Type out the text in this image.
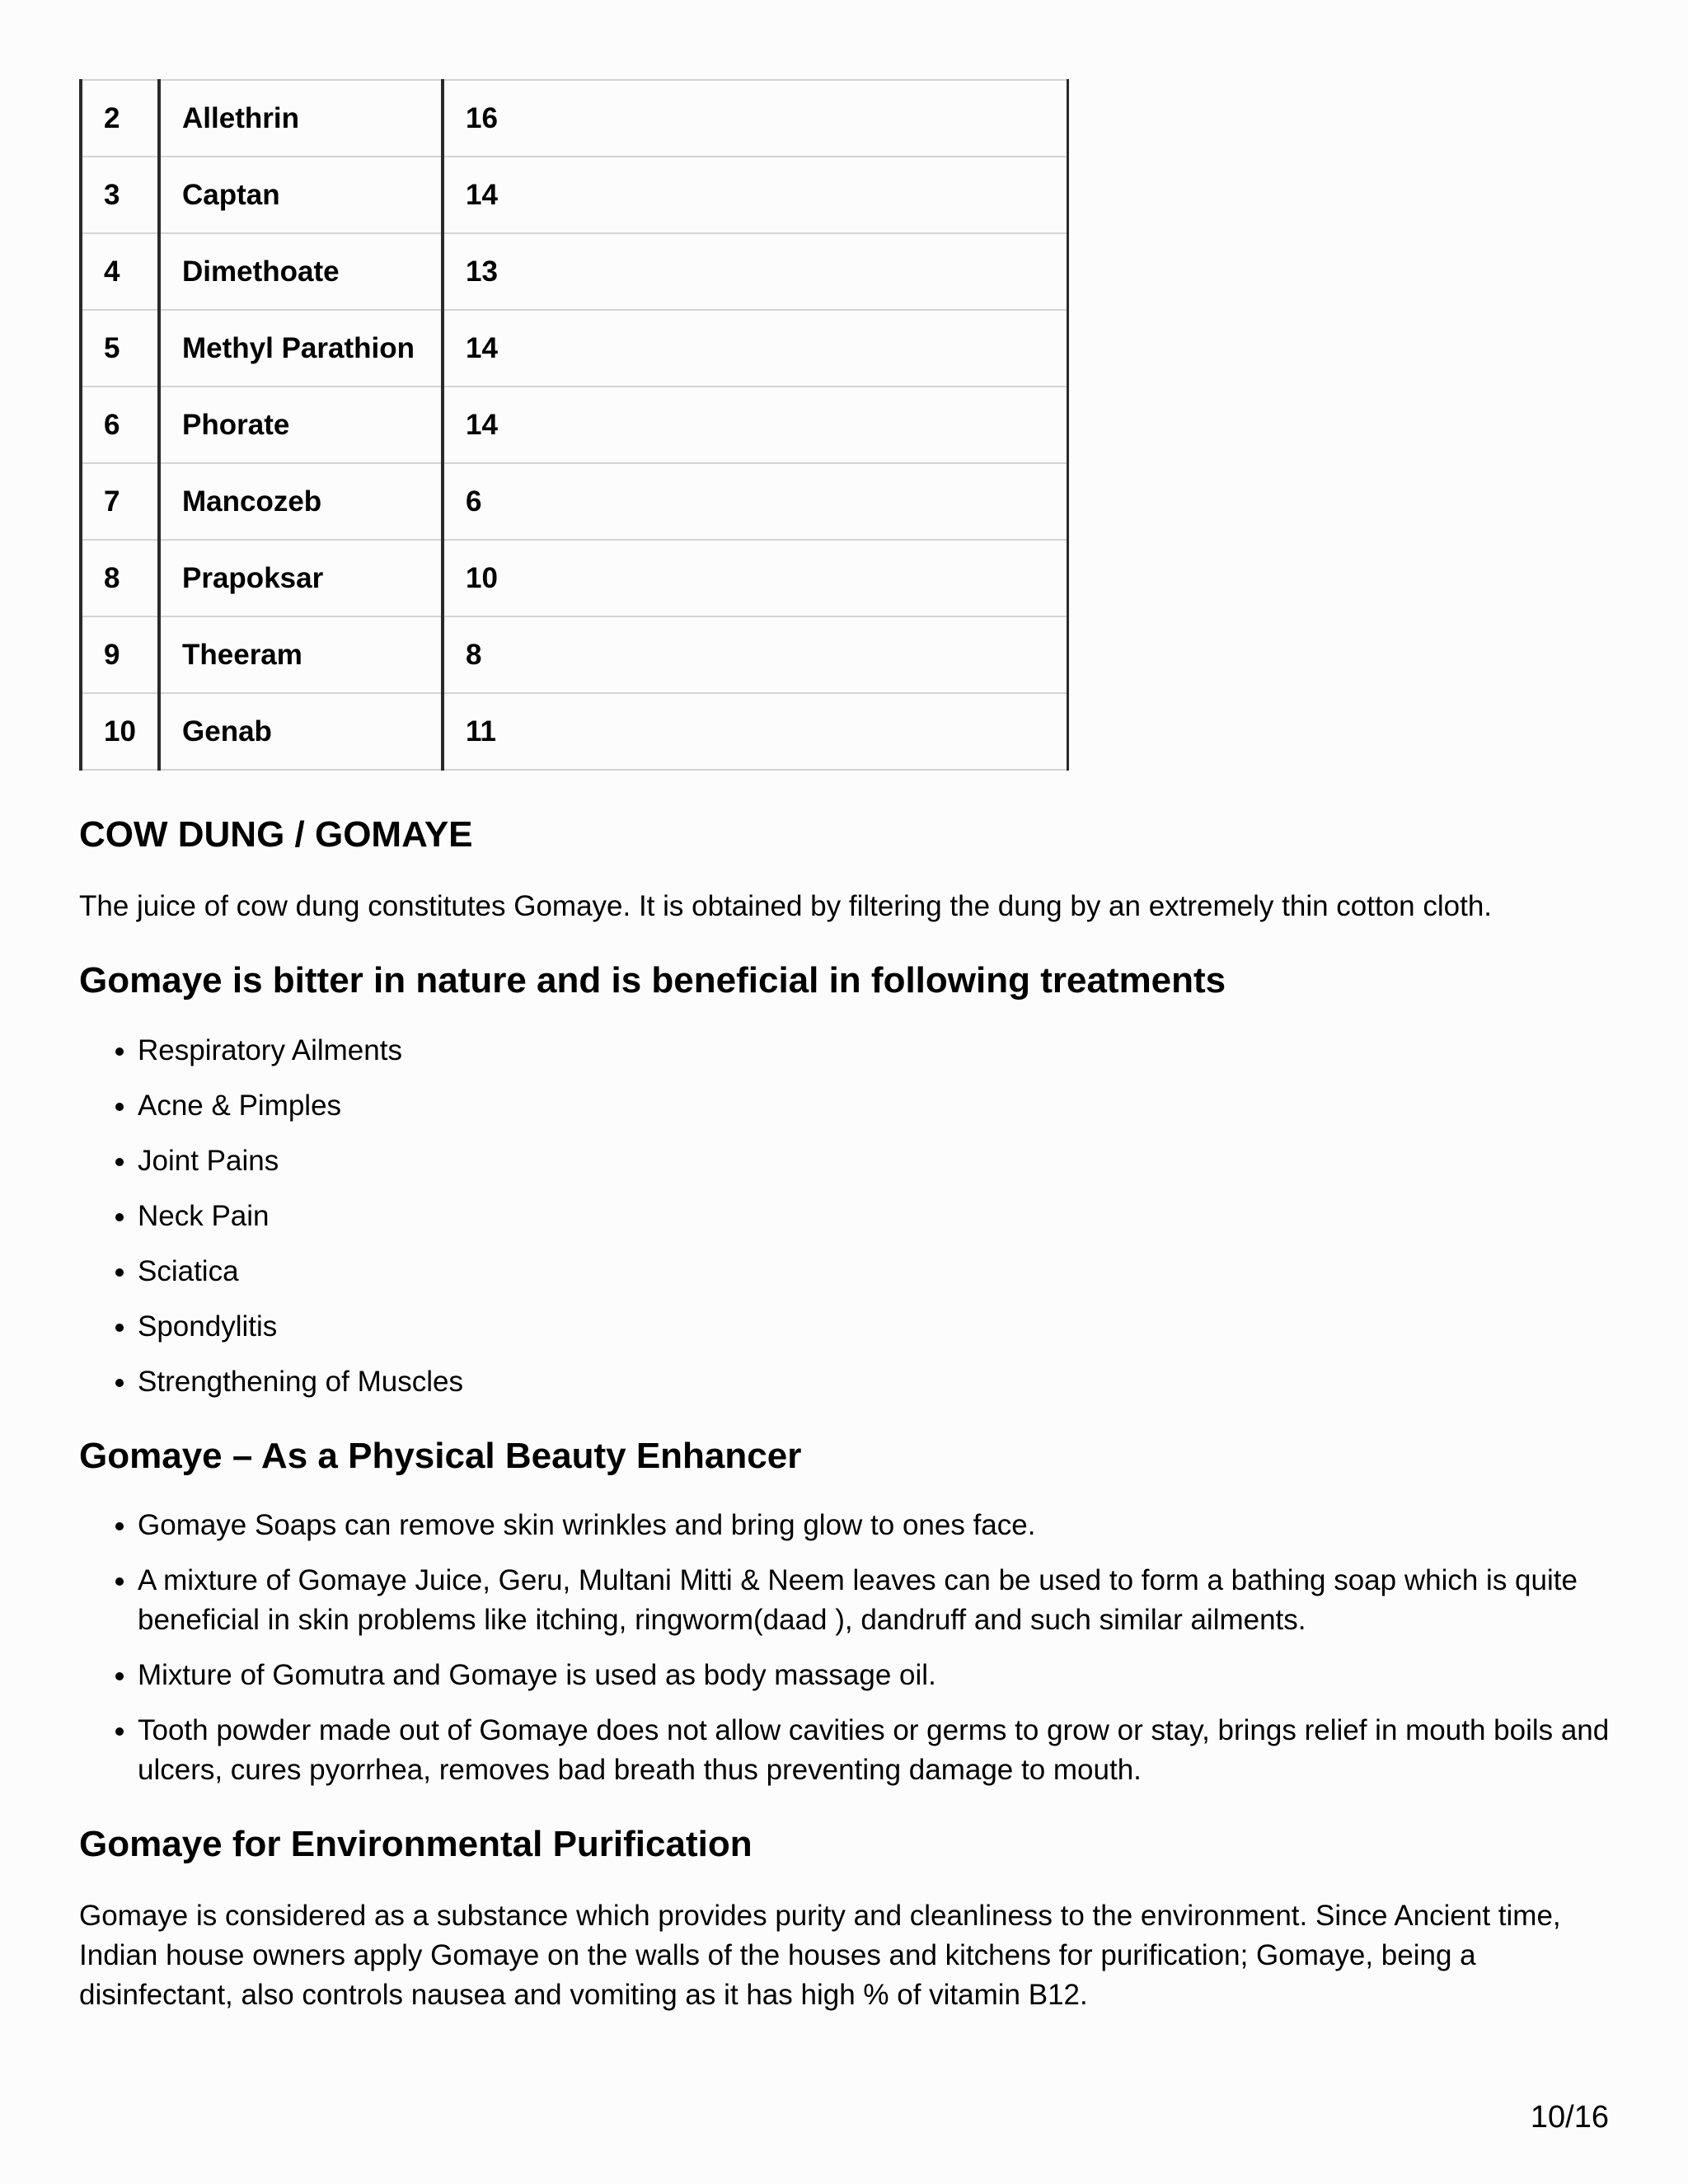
2	Allethrin	16
3	Captan	14
4	Dimethoate	13
5	Methyl Parathion	14
6	Phorate	14
7	Mancozeb	6
8	Prapoksar	10
9	Theeram	8
10	Genab	11
COW DUNG / GOMAYE

The juice of cow dung constitutes Gomaye. It is obtained by filtering the dung by an extremely thin cotton cloth.

Gomaye is bitter in nature and is beneficial in following treatments
• Respiratory Ailments
• Acne & Pimples
• Joint Pains
• Neck Pain
• Sciatica
• Spondylitis
• Strengthening of Muscles
Gomaye – As a Physical Beauty Enhancer
• Gomaye Soaps can remove skin wrinkles and bring glow to ones face.
• A mixture of Gomaye Juice, Geru, Multani Mitti & Neem leaves can be used to form a bathing soap which is quite beneficial in skin problems like itching, ringworm(daad ), dandruff and such similar ailments.
• Mixture of Gomutra and Gomaye is used as body massage oil.
• Tooth powder made out of Gomaye does not allow cavities or germs to grow or stay, brings relief in mouth boils and ulcers, cures pyorrhea, removes bad breath thus preventing damage to mouth.
Gomaye for Environmental Purification

Gomaye is considered as a substance which provides purity and cleanliness to the environment. Since Ancient time, Indian house owners apply Gomaye on the walls of the houses and kitchens for purification; Gomaye, being a disinfectant, also controls nausea and vomiting as it has high % of vitamin B12.

10/16
